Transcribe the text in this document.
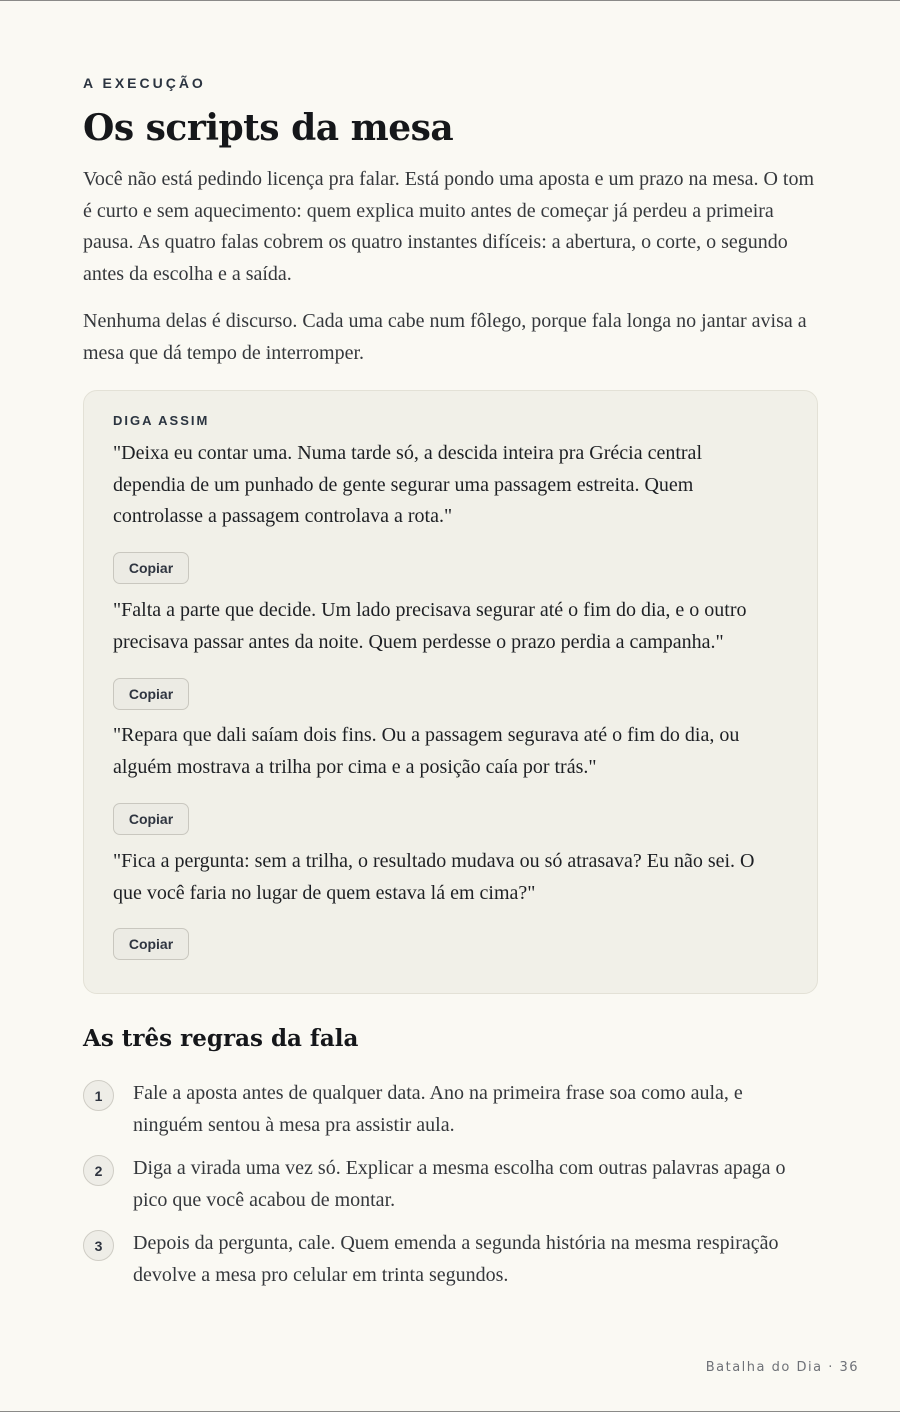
A EXECUÇÃO
Os scripts da mesa

Você não está pedindo licença pra falar. Está pondo uma aposta e um prazo na mesa. O tom é curto e sem aquecimento: quem explica muito antes de começar já perdeu a primeira pausa. As quatro falas cobrem os quatro instantes difíceis: a abertura, o corte, o segundo antes da escolha e a saída.

Nenhuma delas é discurso. Cada uma cabe num fôlego, porque fala longa no jantar avisa a mesa que dá tempo de interromper.

DIGA ASSIM

"Deixa eu contar uma. Numa tarde só, a descida inteira pra Grécia central dependia de um punhado de gente segurar uma passagem estreita. Quem controlasse a passagem controlava a rota."

Copiar

"Falta a parte que decide. Um lado precisava segurar até o fim do dia, e o outro precisava passar antes da noite. Quem perdesse o prazo perdia a campanha."

Copiar

"Repara que dali saíam dois fins. Ou a passagem segurava até o fim do dia, ou alguém mostrava a trilha por cima e a posição caía por trás."

Copiar

"Fica a pergunta: sem a trilha, o resultado mudava ou só atrasava? Eu não sei. O que você faria no lugar de quem estava lá em cima?"

Copiar
As três regras da fala
1	Fale a aposta antes de qualquer data. Ano na primeira frase soa como aula, e ninguém sentou à mesa pra assistir aula.

2	Diga a virada uma vez só. Explicar a mesma escolha com outras palavras apaga o pico que você acabou de montar.

3	Depois da pergunta, cale. Quem emenda a segunda história na mesma respiração devolve a mesa pro celular em trinta segundos.

Batalha do Dia · 36
